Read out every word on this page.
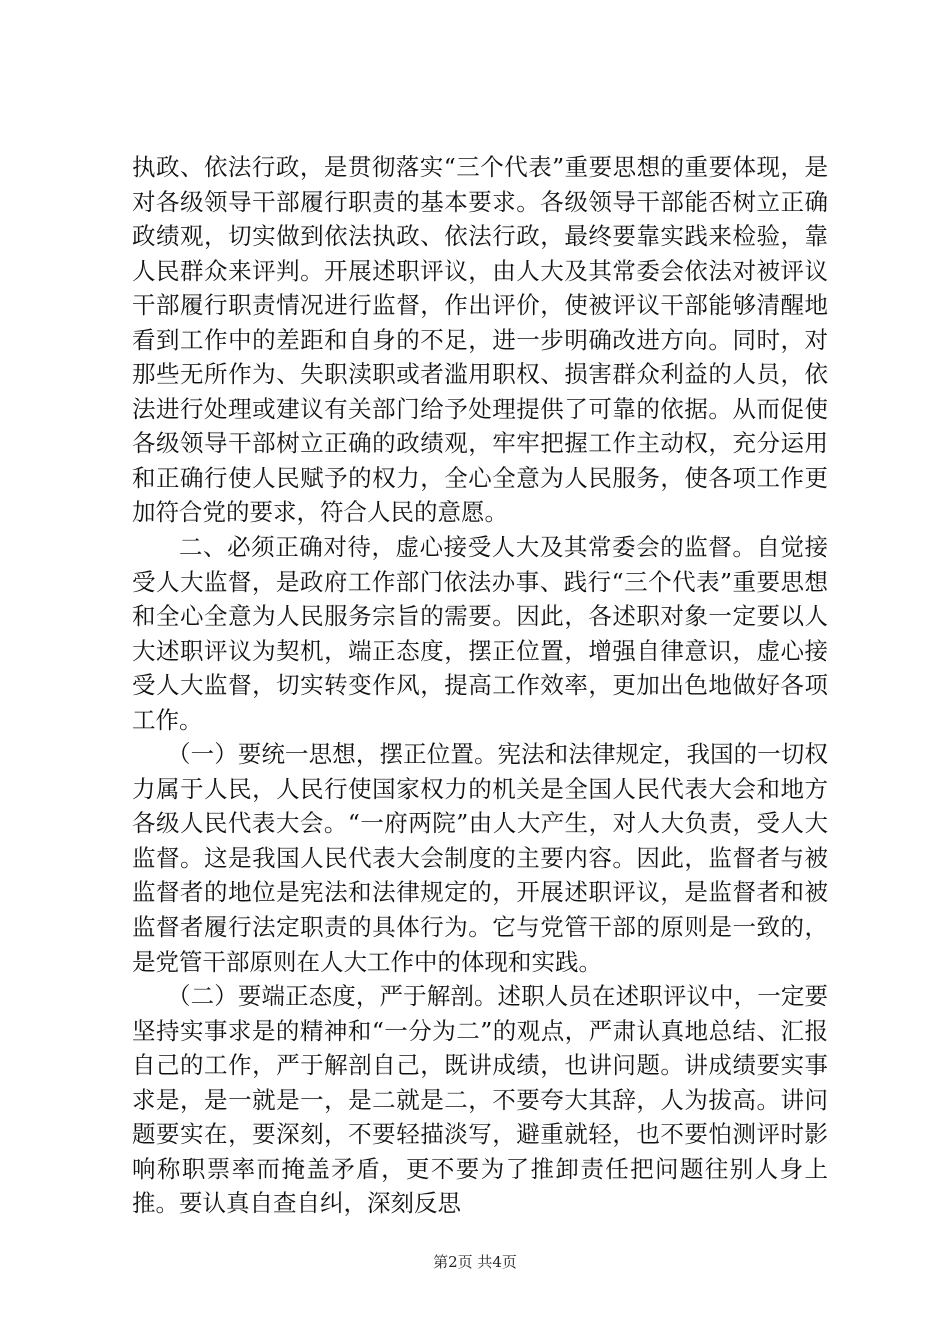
执政、依法行政，是贯彻落实“三个代表”重要思想的重要体现，是对各级领导干部履行职责的基本要求。各级领导干部能否树立正确政绩观，切实做到依法执政、依法行政，最终要靠实践来检验，靠人民群众来评判。开展述职评议，由人大及其常委会依法对被评议干部履行职责情况进行监督，作出评价，使被评议干部能够清醒地看到工作中的差距和自身的不足，进一步明确改进方向。同时，对那些无所作为、失职渎职或者滥用职权、损害群众利益的人员，依法进行处理或建议有关部门给予处理提供了可靠的依据。从而促使各级领导干部树立正确的政绩观，牢牢把握工作主动权，充分运用和正确行使人民赋予的权力，全心全意为人民服务，使各项工作更加符合党的要求，符合人民的意愿。

二、必须正确对待，虚心接受人大及其常委会的监督。自觉接受人大监督，是政府工作部门依法办事、践行“三个代表”重要思想和全心全意为人民服务宗旨的需要。因此，各述职对象一定要以人大述职评议为契机，端正态度，摆正位置，增强自律意识，虚心接受人大监督，切实转变作风，提高工作效率，更加出色地做好各项工作。

（一）要统一思想，摆正位置。宪法和法律规定，我国的一切权力属于人民，人民行使国家权力的机关是全国人民代表大会和地方各级人民代表大会。“一府两院”由人大产生，对人大负责，受人大监督。这是我国人民代表大会制度的主要内容。因此，监督者与被监督者的地位是宪法和法律规定的，开展述职评议，是监督者和被监督者履行法定职责的具体行为。它与党管干部的原则是一致的，是党管干部原则在人大工作中的体现和实践。

（二）要端正态度，严于解剖。述职人员在述职评议中，一定要坚持实事求是的精神和“一分为二”的观点，严肃认真地总结、汇报自己的工作，严于解剖自己，既讲成绩，也讲问题。讲成绩要实事求是，是一就是一，是二就是二，不要夸大其辞，人为拔高。讲问题要实在，要深刻，不要轻描淡写，避重就轻，也不要怕测评时影响称职票率而掩盖矛盾，更不要为了推卸责任把问题往别人身上推。要认真自查自纠，深刻反思

第2页 共4页
